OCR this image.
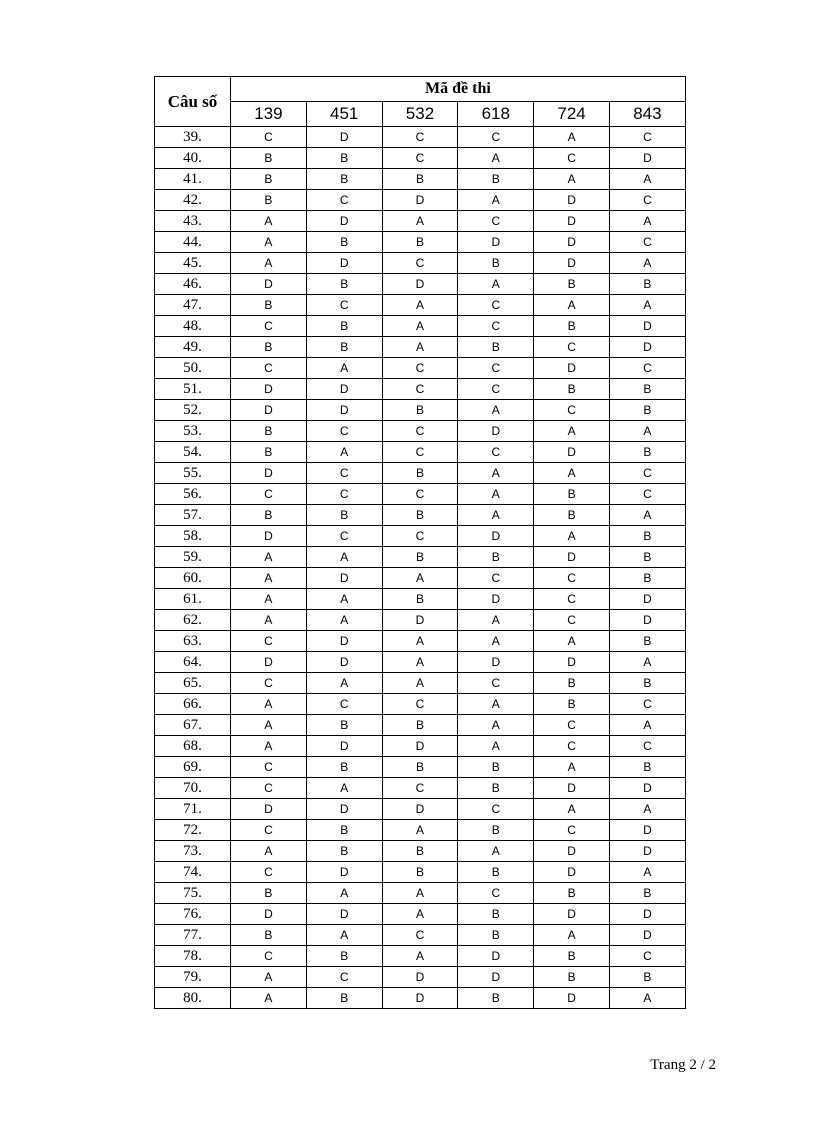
Câu số	Mã đề thi					
	139	451	532	618	724	843
39.	C	D	C	C	A	C
40.	B	B	C	A	C	D
41.	B	B	B	B	A	A
42.	B	C	D	A	D	C
43.	A	D	A	C	D	A
44.	A	B	B	D	D	C
45.	A	D	C	B	D	A
46.	D	B	D	A	B	B
47.	B	C	A	C	A	A
48.	C	B	A	C	B	D
49.	B	B	A	B	C	D
50.	C	A	C	C	D	C
51.	D	D	C	C	B	B
52.	D	D	B	A	C	B
53.	B	C	C	D	A	A
54.	B	A	C	C	D	B
55.	D	C	B	A	A	C
56.	C	C	C	A	B	C
57.	B	B	B	A	B	A
58.	D	C	C	D	A	B
59.	A	A	B	B	D	B
60.	A	D	A	C	C	B
61.	A	A	B	D	C	D
62.	A	A	D	A	C	D
63.	C	D	A	A	A	B
64.	D	D	A	D	D	A
65.	C	A	A	C	B	B
66.	A	C	C	A	B	C
67.	A	B	B	A	C	A
68.	A	D	D	A	C	C
69.	C	B	B	B	A	B
70.	C	A	C	B	D	D
71.	D	D	D	C	A	A
72.	C	B	A	B	C	D
73.	A	B	B	A	D	D
74.	C	D	B	B	D	A
75.	B	A	A	C	B	B
76.	D	D	A	B	D	D
77.	B	A	C	B	A	D
78.	C	B	A	D	B	C
79.	A	C	D	D	B	B
80.	A	B	D	B	D	A
Trang 2 / 2
